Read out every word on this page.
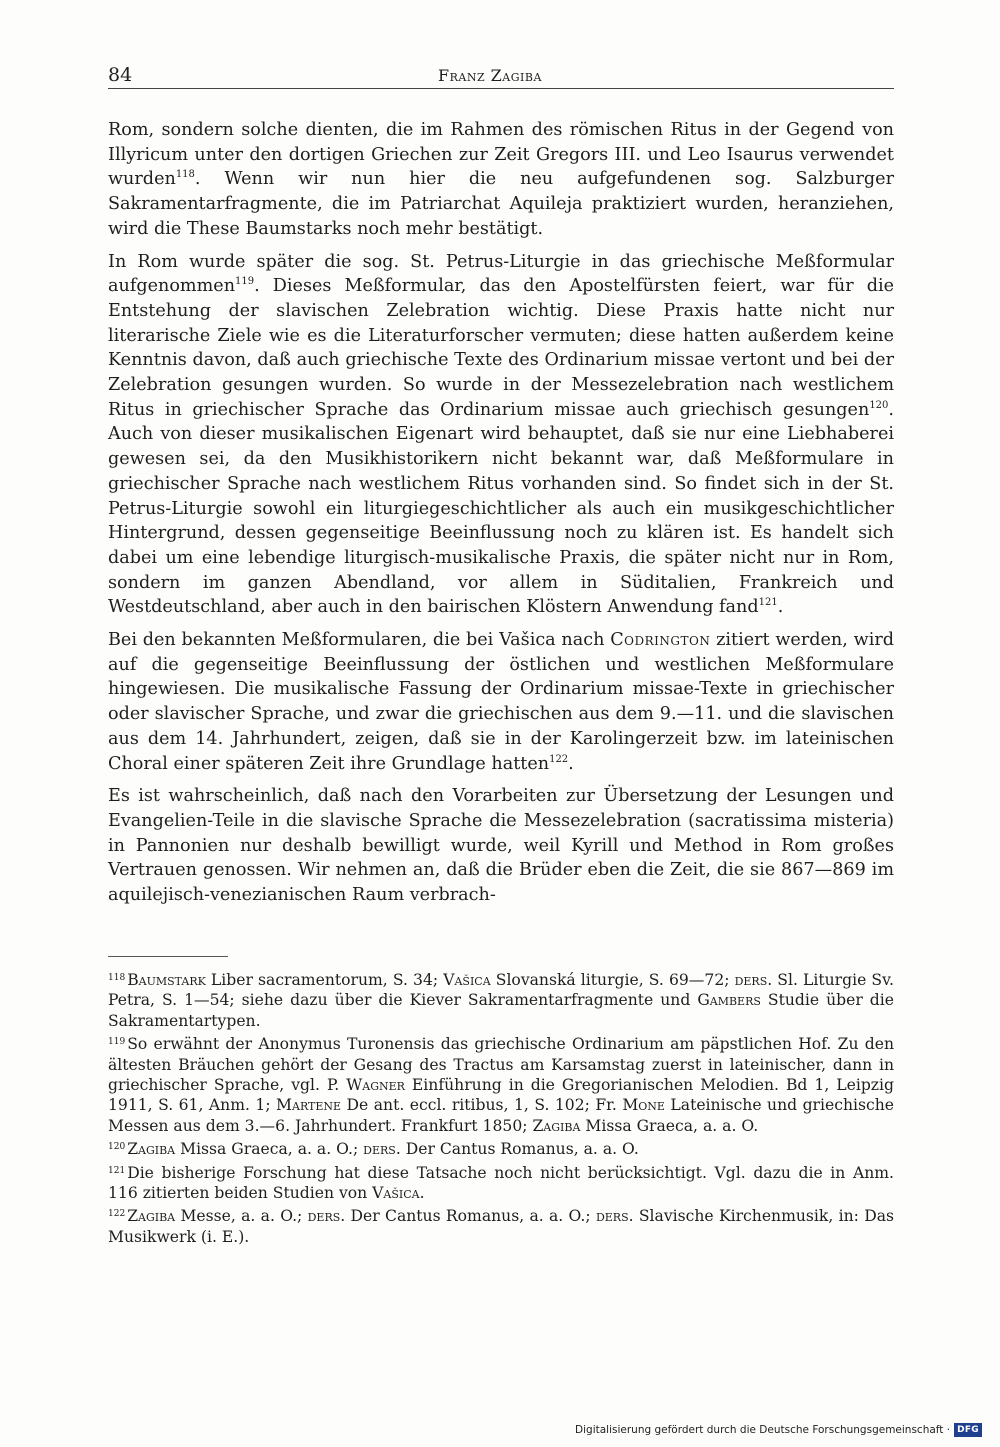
84	Franz Zagiba

Rom, sondern solche dienten, die im Rahmen des römischen Ritus in der Gegend von Illyricum unter den dortigen Griechen zur Zeit Gregors III. und Leo Isaurus verwendet wurden$^{118}$. Wenn wir nun hier die neu aufgefundenen sog. Salzburger Sakramentarfragmente, die im Patriarchat Aquileja praktiziert wurden, heranziehen, wird die These Baumstarks noch mehr bestätigt.

In Rom wurde später die sog. St. Petrus-Liturgie in das griechische Meßformular aufgenommen$^{119}$. Dieses Meßformular, das den Apostelfürsten feiert, war für die Entstehung der slavischen Zelebration wichtig. Diese Praxis hatte nicht nur literarische Ziele wie es die Literaturforscher vermuten; diese hatten außerdem keine Kenntnis davon, daß auch griechische Texte des Ordinarium missae vertont und bei der Zelebration gesungen wurden. So wurde in der Messezelebration nach westlichem Ritus in griechischer Sprache das Ordinarium missae auch griechisch gesungen$^{120}$. Auch von dieser musikalischen Eigenart wird behauptet, daß sie nur eine Liebhaberei gewesen sei, da den Musikhistorikern nicht bekannt war, daß Meßformulare in griechischer Sprache nach westlichem Ritus vorhanden sind. So findet sich in der St. Petrus-Liturgie sowohl ein liturgiegeschichtlicher als auch ein musikgeschichtlicher Hintergrund, dessen gegenseitige Beeinflussung noch zu klären ist. Es handelt sich dabei um eine lebendige liturgisch-musikalische Praxis, die später nicht nur in Rom, sondern im ganzen Abendland, vor allem in Süditalien, Frankreich und Westdeutschland, aber auch in den bairischen Klöstern Anwendung fand$^{121}$.

Bei den bekannten Meßformularen, die bei Vašica nach Codrington zitiert werden, wird auf die gegenseitige Beeinflussung der östlichen und westlichen Meßformulare hingewiesen. Die musikalische Fassung der Ordinarium missae-Texte in griechischer oder slavischer Sprache, und zwar die griechischen aus dem 9.—11. und die slavischen aus dem 14. Jahrhundert, zeigen, daß sie in der Karolingerzeit bzw. im lateinischen Choral einer späteren Zeit ihre Grundlage hatten$^{122}$.

Es ist wahrscheinlich, daß nach den Vorarbeiten zur Übersetzung der Lesungen und Evangelien-Teile in die slavische Sprache die Messezelebration (sacratissima misteria) in Pannonien nur deshalb bewilligt wurde, weil Kyrill und Method in Rom großes Vertrauen genossen. Wir nehmen an, daß die Brüder eben die Zeit, die sie 867—869 im aquilejisch-venezianischen Raum verbrach-

$^{118}$ Baumstark Liber sacramentorum, S. 34; Vašica Slovanská liturgie, S. 69—72; ders. Sl. Liturgie Sv. Petra, S. 1—54; siehe dazu über die Kiever Sakramentarfragmente und Gambers Studie über die Sakramentartypen.

$^{119}$ So erwähnt der Anonymus Turonensis das griechische Ordinarium am päpstlichen Hof. Zu den ältesten Bräuchen gehört der Gesang des Tractus am Karsamstag zuerst in lateinischer, dann in griechischer Sprache, vgl. P. Wagner Einführung in die Gregorianischen Melodien. Bd 1, Leipzig 1911, S. 61, Anm. 1; Martene De ant. eccl. ritibus, 1, S. 102; Fr. Mone Lateinische und griechische Messen aus dem 3.—6. Jahrhundert. Frankfurt 1850; Zagiba Missa Graeca, a. a. O.

$^{120}$ Zagiba Missa Graeca, a. a. O.; ders. Der Cantus Romanus, a. a. O.

$^{121}$ Die bisherige Forschung hat diese Tatsache noch nicht berücksichtigt. Vgl. dazu die in Anm. 116 zitierten beiden Studien von Vašica.

$^{122}$ Zagiba Messe, a. a. O.; ders. Der Cantus Romanus, a. a. O.; ders. Slavische Kirchenmusik, in: Das Musikwerk (i. E.).

Digitalisierung gefördert durch die Deutsche Forschungsgemeinschaft · DFG
